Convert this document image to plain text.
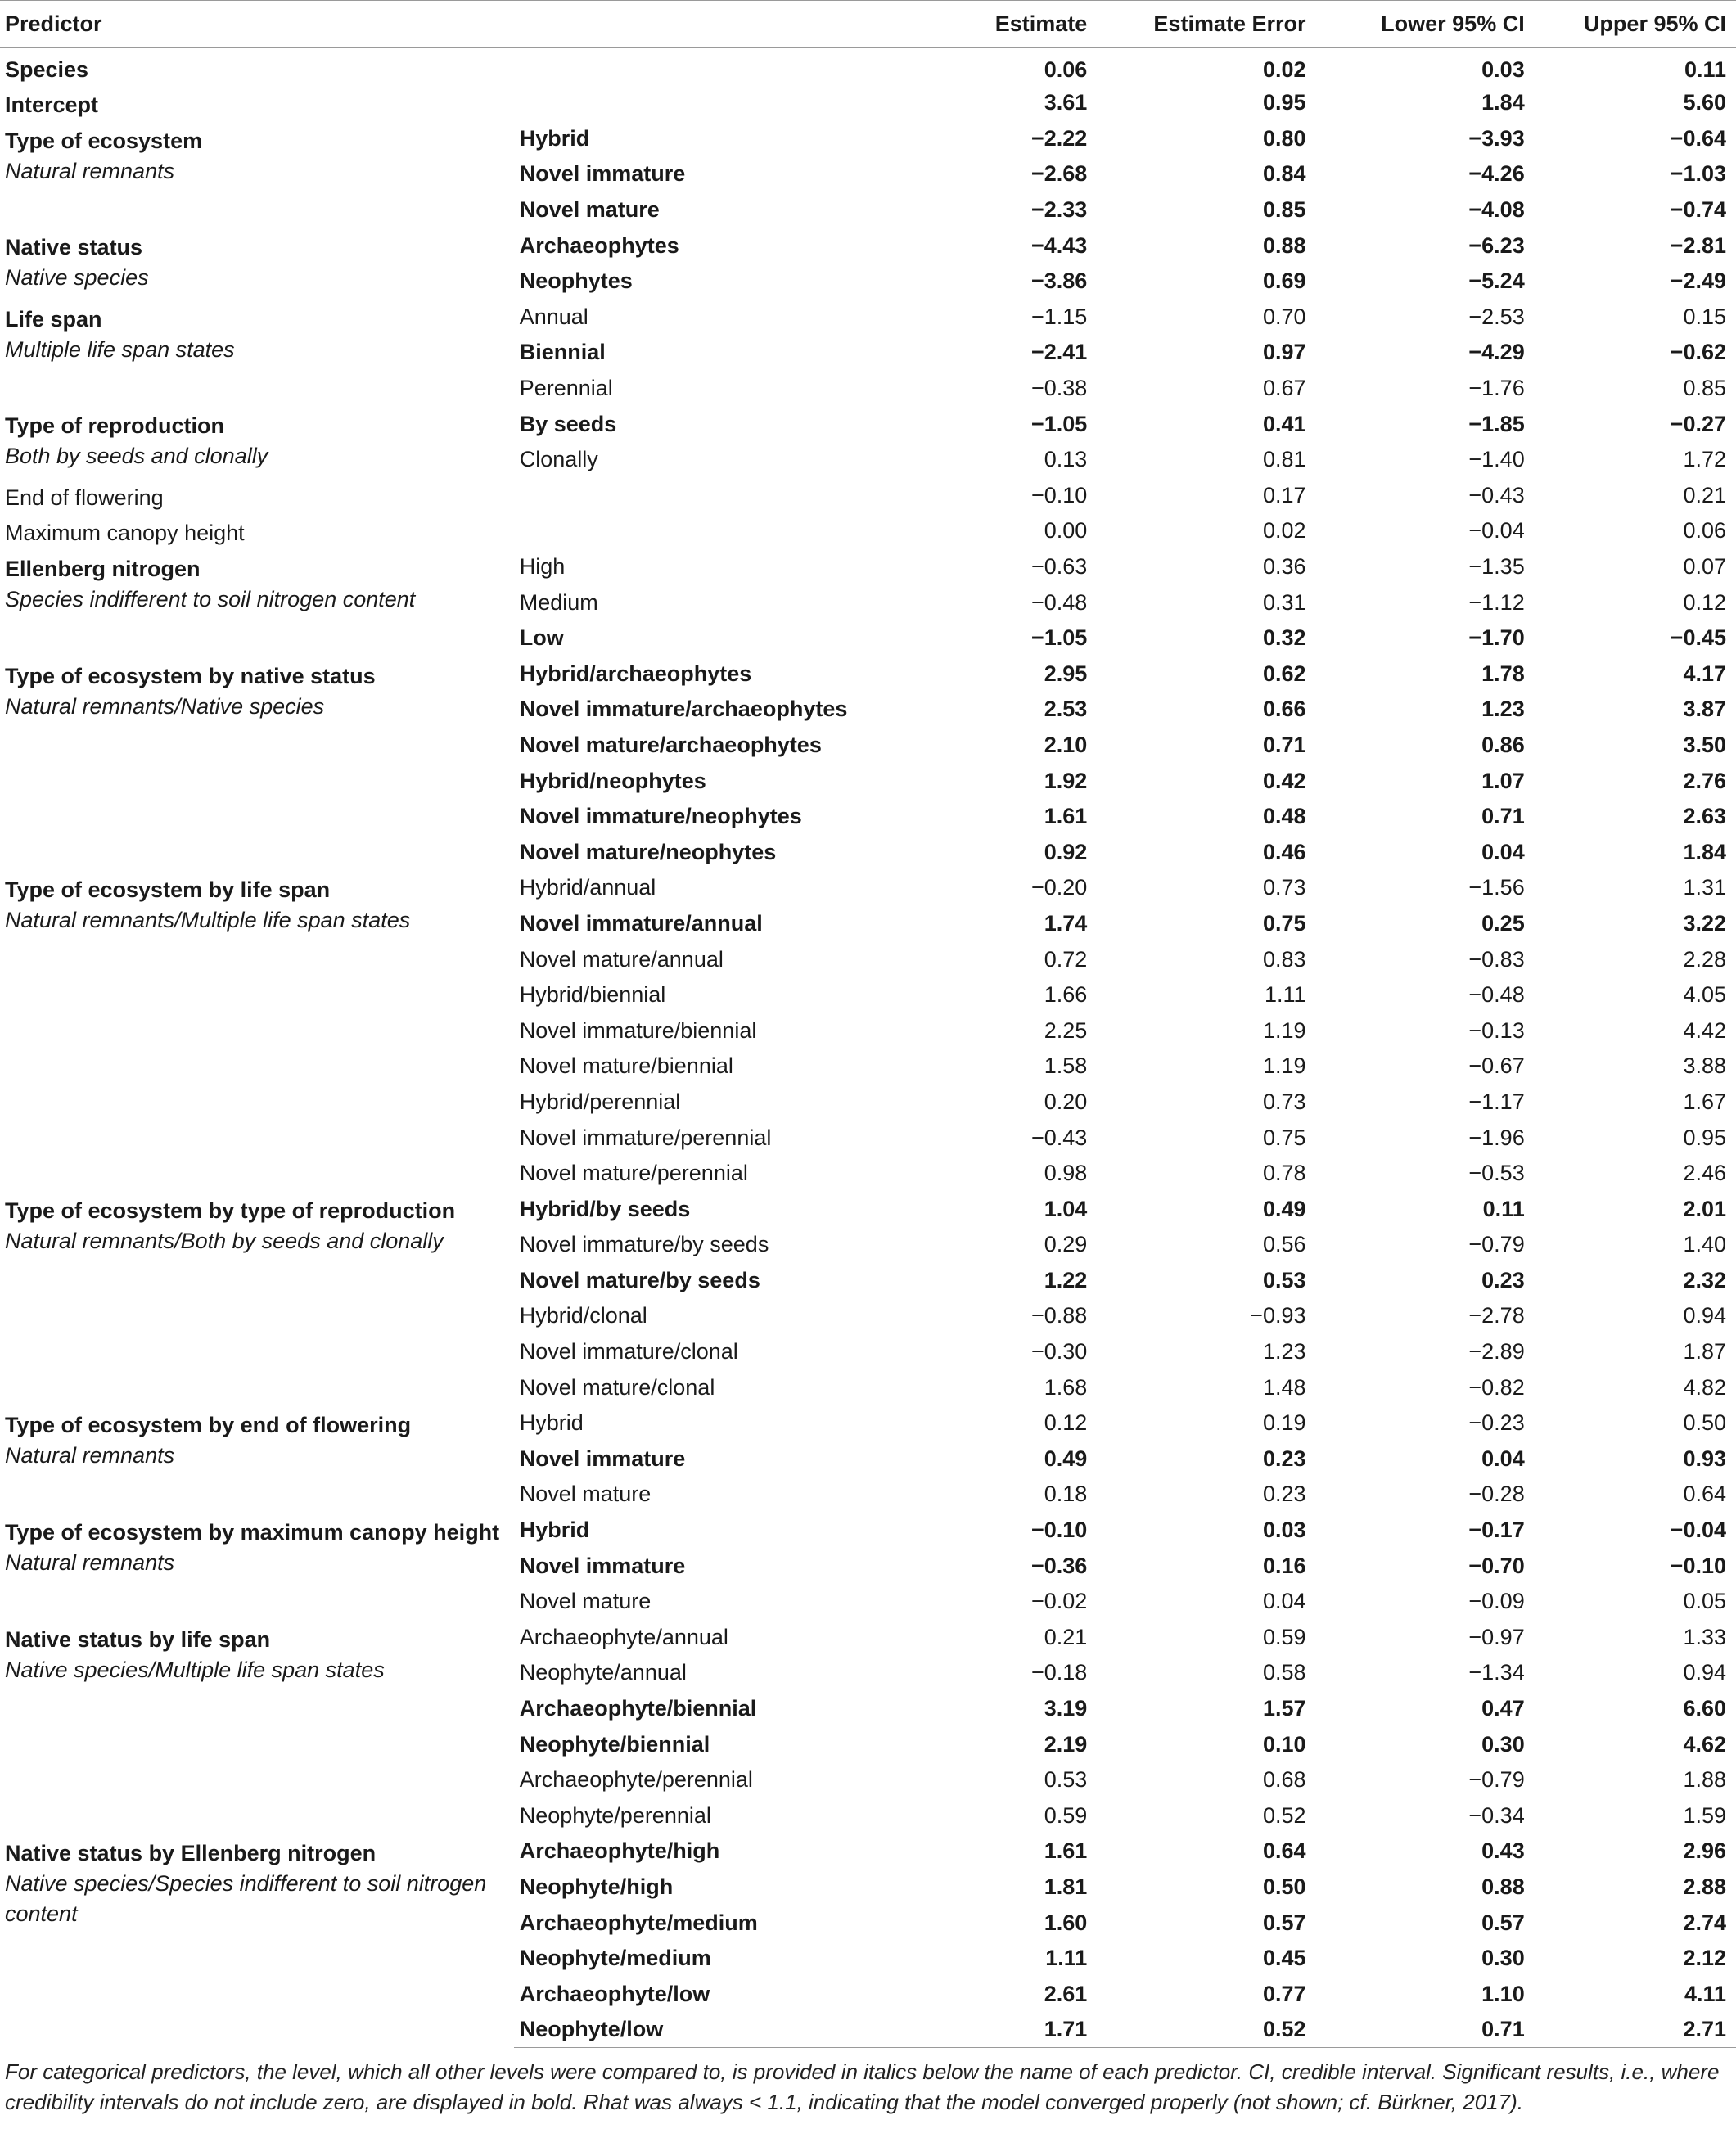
Predictor		Estimate	Estimate Error	Lower 95% CI	Upper 95% CI

Species		0.06	0.02	0.03	0.11

Intercept		3.61	0.95	1.84	5.60

Type of ecosystem
Natural remnants	Hybrid	−2.22	0.80	−3.93	−0.64
	Novel immature	−2.68	0.84	−4.26	−1.03
	Novel mature	−2.33	0.85	−4.08	−0.74

Native status
Native species	Archaeophytes	−4.43	0.88	−6.23	−2.81
	Neophytes	−3.86	0.69	−5.24	−2.49

Life span
Multiple life span states	Annual	−1.15	0.70	−2.53	0.15
	Biennial	−2.41	0.97	−4.29	−0.62
	Perennial	−0.38	0.67	−1.76	0.85

Type of reproduction
Both by seeds and clonally	By seeds	−1.05	0.41	−1.85	−0.27
	Clonally	0.13	0.81	−1.40	1.72

End of flowering		−0.10	0.17	−0.43	0.21

Maximum canopy height		0.00	0.02	−0.04	0.06

Ellenberg nitrogen
Species indifferent to soil nitrogen content	High	−0.63	0.36	−1.35	0.07
	Medium	−0.48	0.31	−1.12	0.12
	Low	−1.05	0.32	−1.70	−0.45

Type of ecosystem by native status
Natural remnants/Native species	Hybrid/archaeophytes	2.95	0.62	1.78	4.17
	Novel immature/archaeophytes	2.53	0.66	1.23	3.87
	Novel mature/archaeophytes	2.10	0.71	0.86	3.50
	Hybrid/neophytes	1.92	0.42	1.07	2.76
	Novel immature/neophytes	1.61	0.48	0.71	2.63
	Novel mature/neophytes	0.92	0.46	0.04	1.84

Type of ecosystem by life span
Natural remnants/Multiple life span states	Hybrid/annual	−0.20	0.73	−1.56	1.31
	Novel immature/annual	1.74	0.75	0.25	3.22
	Novel mature/annual	0.72	0.83	−0.83	2.28
	Hybrid/biennial	1.66	1.11	−0.48	4.05
	Novel immature/biennial	2.25	1.19	−0.13	4.42
	Novel mature/biennial	1.58	1.19	−0.67	3.88
	Hybrid/perennial	0.20	0.73	−1.17	1.67
	Novel immature/perennial	−0.43	0.75	−1.96	0.95
	Novel mature/perennial	0.98	0.78	−0.53	2.46

Type of ecosystem by type of reproduction
Natural remnants/Both by seeds and clonally	Hybrid/by seeds	1.04	0.49	0.11	2.01
	Novel immature/by seeds	0.29	0.56	−0.79	1.40
	Novel mature/by seeds	1.22	0.53	0.23	2.32
	Hybrid/clonal	−0.88	−0.93	−2.78	0.94
	Novel immature/clonal	−0.30	1.23	−2.89	1.87
	Novel mature/clonal	1.68	1.48	−0.82	4.82

Type of ecosystem by end of flowering
Natural remnants	Hybrid	0.12	0.19	−0.23	0.50
	Novel immature	0.49	0.23	0.04	0.93
	Novel mature	0.18	0.23	−0.28	0.64

Type of ecosystem by maximum canopy height
Natural remnants	Hybrid	−0.10	0.03	−0.17	−0.04
	Novel immature	−0.36	0.16	−0.70	−0.10
	Novel mature	−0.02	0.04	−0.09	0.05

Native status by life span
Native species/Multiple life span states	Archaeophyte/annual	0.21	0.59	−0.97	1.33
	Neophyte/annual	−0.18	0.58	−1.34	0.94
	Archaeophyte/biennial	3.19	1.57	0.47	6.60
	Neophyte/biennial	2.19	0.10	0.30	4.62
	Archaeophyte/perennial	0.53	0.68	−0.79	1.88
	Neophyte/perennial	0.59	0.52	−0.34	1.59

Native status by Ellenberg nitrogen
Native species/Species indifferent to soil nitrogen content	Archaeophyte/high	1.61	0.64	0.43	2.96
	Neophyte/high	1.81	0.50	0.88	2.88
	Archaeophyte/medium	1.60	0.57	0.57	2.74
	Neophyte/medium	1.11	0.45	0.30	2.12
	Archaeophyte/low	2.61	0.77	1.10	4.11
	Neophyte/low	1.71	0.52	0.71	2.71
For categorical predictors, the level, which all other levels were compared to, is provided in italics below the name of each predictor. CI, credible interval. Significant results, i.e., where credibility intervals do not include zero, are displayed in bold. Rhat was always < 1.1, indicating that the model converged properly (not shown; cf. Bürkner, 2017).
